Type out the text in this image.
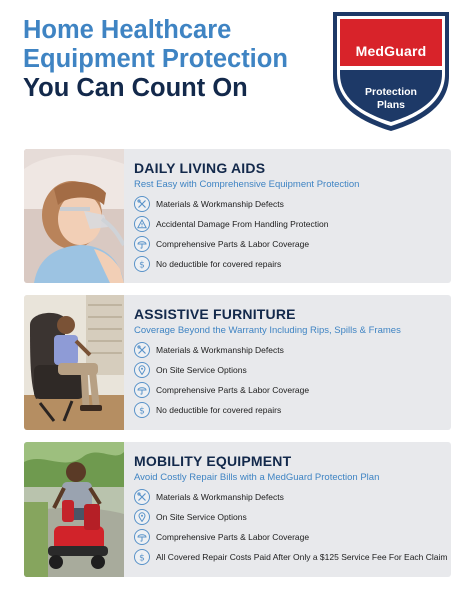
Home Healthcare
Equipment Protection
You Can Count On
MedGuard
Protection
Plans
DAILY LIVING AIDS
Rest Easy with Comprehensive Equipment Protection
Materials & Workmanship Defects
Accidental Damage From Handling Protection
Comprehensive Parts & Labor Coverage
$ No deductible for covered repairs
ASSISTIVE FURNITURE
Coverage Beyond the Warranty Including Rips, Spills & Frames
Materials & Workmanship Defects
On Site Service Options
Comprehensive Parts & Labor Coverage
$ No deductible for covered repairs
MOBILITY EQUIPMENT
Avoid Costly Repair Bills with a MedGuard Protection Plan
Materials & Workmanship Defects
On Site Service Options
Comprehensive Parts & Labor Coverage
$ All Covered Repair Costs Paid After Only a $125 Service Fee For Each Claim
